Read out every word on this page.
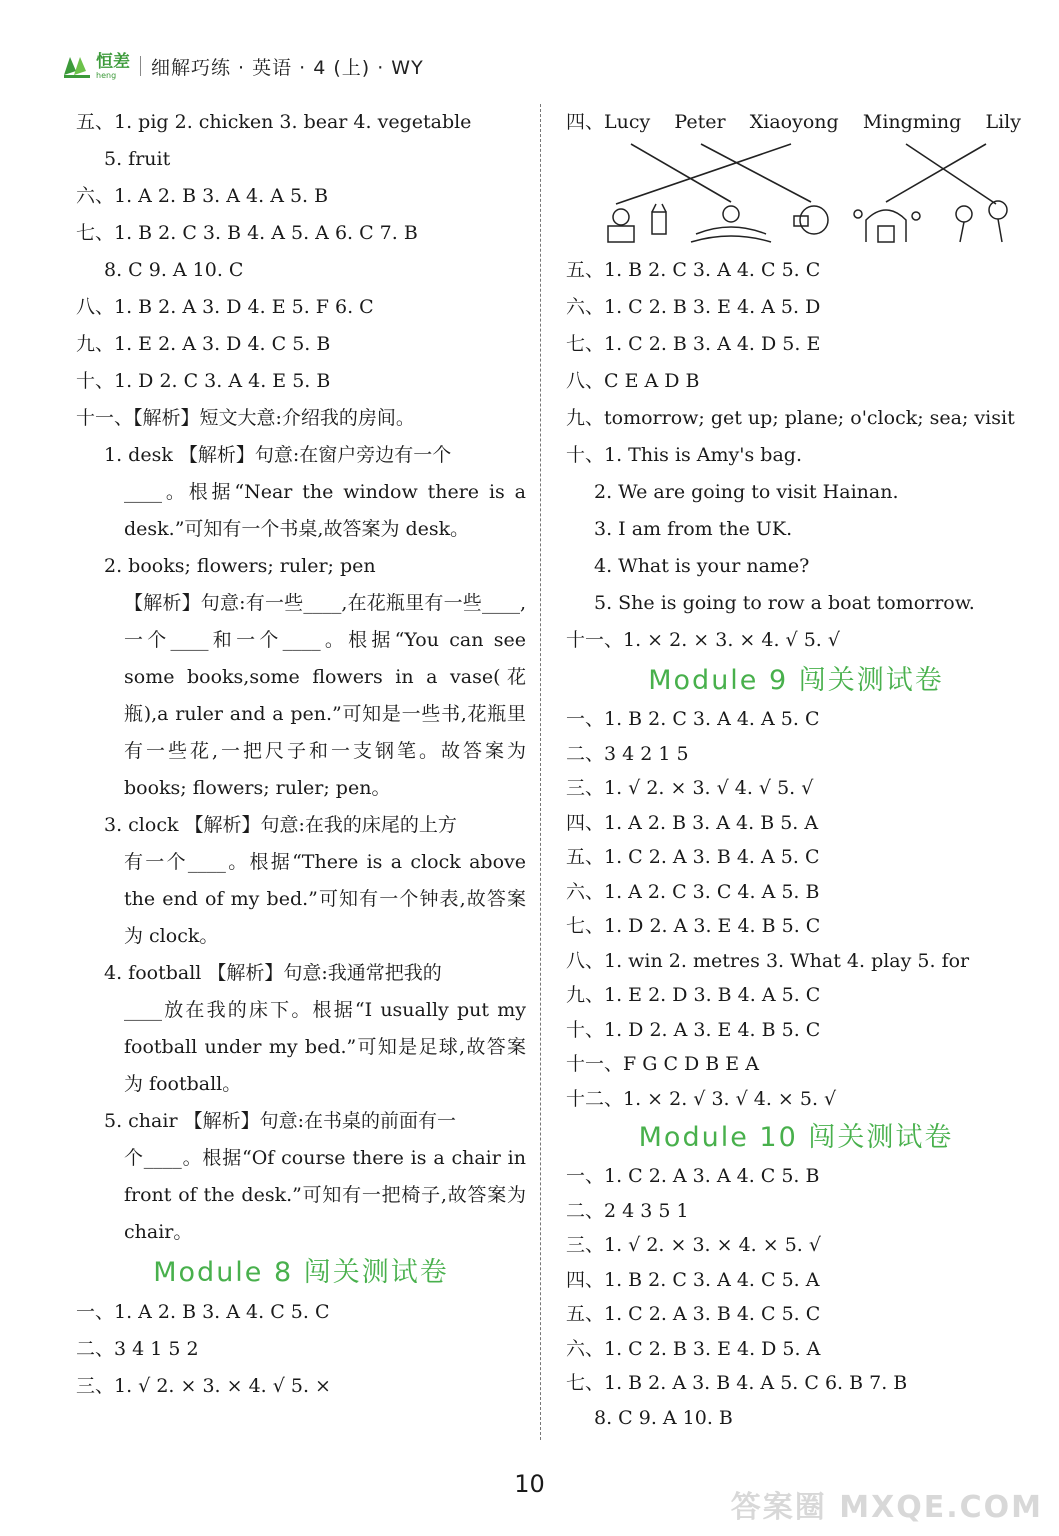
恒差
heng	细解巧练 · 英语 · 4 (上) · WY
五、1. pig 2. chicken 3. bear 4. vegetable
5. fruit
六、1. A 2. B 3. A 4. A 5. B
七、1. B 2. C 3. B 4. A 5. A 6. C 7. B
8. C 9. A 10. C
八、1. B 2. A 3. D 4. E 5. F 6. C
九、1. E 2. A 3. D 4. C 5. B
十、1. D 2. C 3. A 4. E 5. B
十一、【解析】短文大意:介绍我的房间。
1. desk 【解析】句意:在窗户旁边有一个
____。根据“Near the window there is a desk.”可知有一个书桌,故答案为 desk。
2. books; flowers; ruler; pen
【解析】句意:有一些____,在花瓶里有一些____,一个____和一个____。根据“You can see some books,some flowers in a vase(花瓶),a ruler and a pen.”可知是一些书,花瓶里有一些花,一把尺子和一支钢笔。故答案为 books; flowers; ruler; pen。
3. clock 【解析】句意:在我的床尾的上方
有一个____。根据“There is a clock above the end of my bed.”可知有一个钟表,故答案为 clock。
4. football 【解析】句意:我通常把我的
____放在我的床下。根据“I usually put my football under my bed.”可知是足球,故答案为 football。
5. chair 【解析】句意:在书桌的前面有一
个____。根据“Of course there is a chair in front of the desk.”可知有一把椅子,故答案为 chair。
Module 8 闯关测试卷
一、1. A 2. B 3. A 4. C 5. C
二、3 4 1 5 2
三、1. √ 2. × 3. × 4. √ 5. ×
四、Lucy Peter Xiaoyong Mingming Lily
五、1. B 2. C 3. A 4. C 5. C
六、1. C 2. B 3. E 4. A 5. D
七、1. C 2. B 3. A 4. D 5. E
八、C E A D B
九、tomorrow; get up; plane; o'clock; sea; visit
十、1. This is Amy's bag.
2. We are going to visit Hainan.
3. I am from the UK.
4. What is your name?
5. She is going to row a boat tomorrow.
十一、1. × 2. × 3. × 4. √ 5. √
Module 9 闯关测试卷
一、1. B 2. C 3. A 4. A 5. C
二、3 4 2 1 5
三、1. √ 2. × 3. √ 4. √ 5. √
四、1. A 2. B 3. A 4. B 5. A
五、1. C 2. A 3. B 4. A 5. C
六、1. A 2. C 3. C 4. A 5. B
七、1. D 2. A 3. E 4. B 5. C
八、1. win 2. metres 3. What 4. play 5. for
九、1. E 2. D 3. B 4. A 5. C
十、1. D 2. A 3. E 4. B 5. C
十一、F G C D B E A
十二、1. × 2. √ 3. √ 4. × 5. √
Module 10 闯关测试卷
一、1. C 2. A 3. A 4. C 5. B
二、2 4 3 5 1
三、1. √ 2. × 3. × 4. × 5. √
四、1. B 2. C 3. A 4. C 5. A
五、1. C 2. A 3. B 4. C 5. C
六、1. C 2. B 3. E 4. D 5. A
七、1. B 2. A 3. B 4. A 5. C 6. B 7. B
8. C 9. A 10. B
10
答案圈 MXQE.COM
